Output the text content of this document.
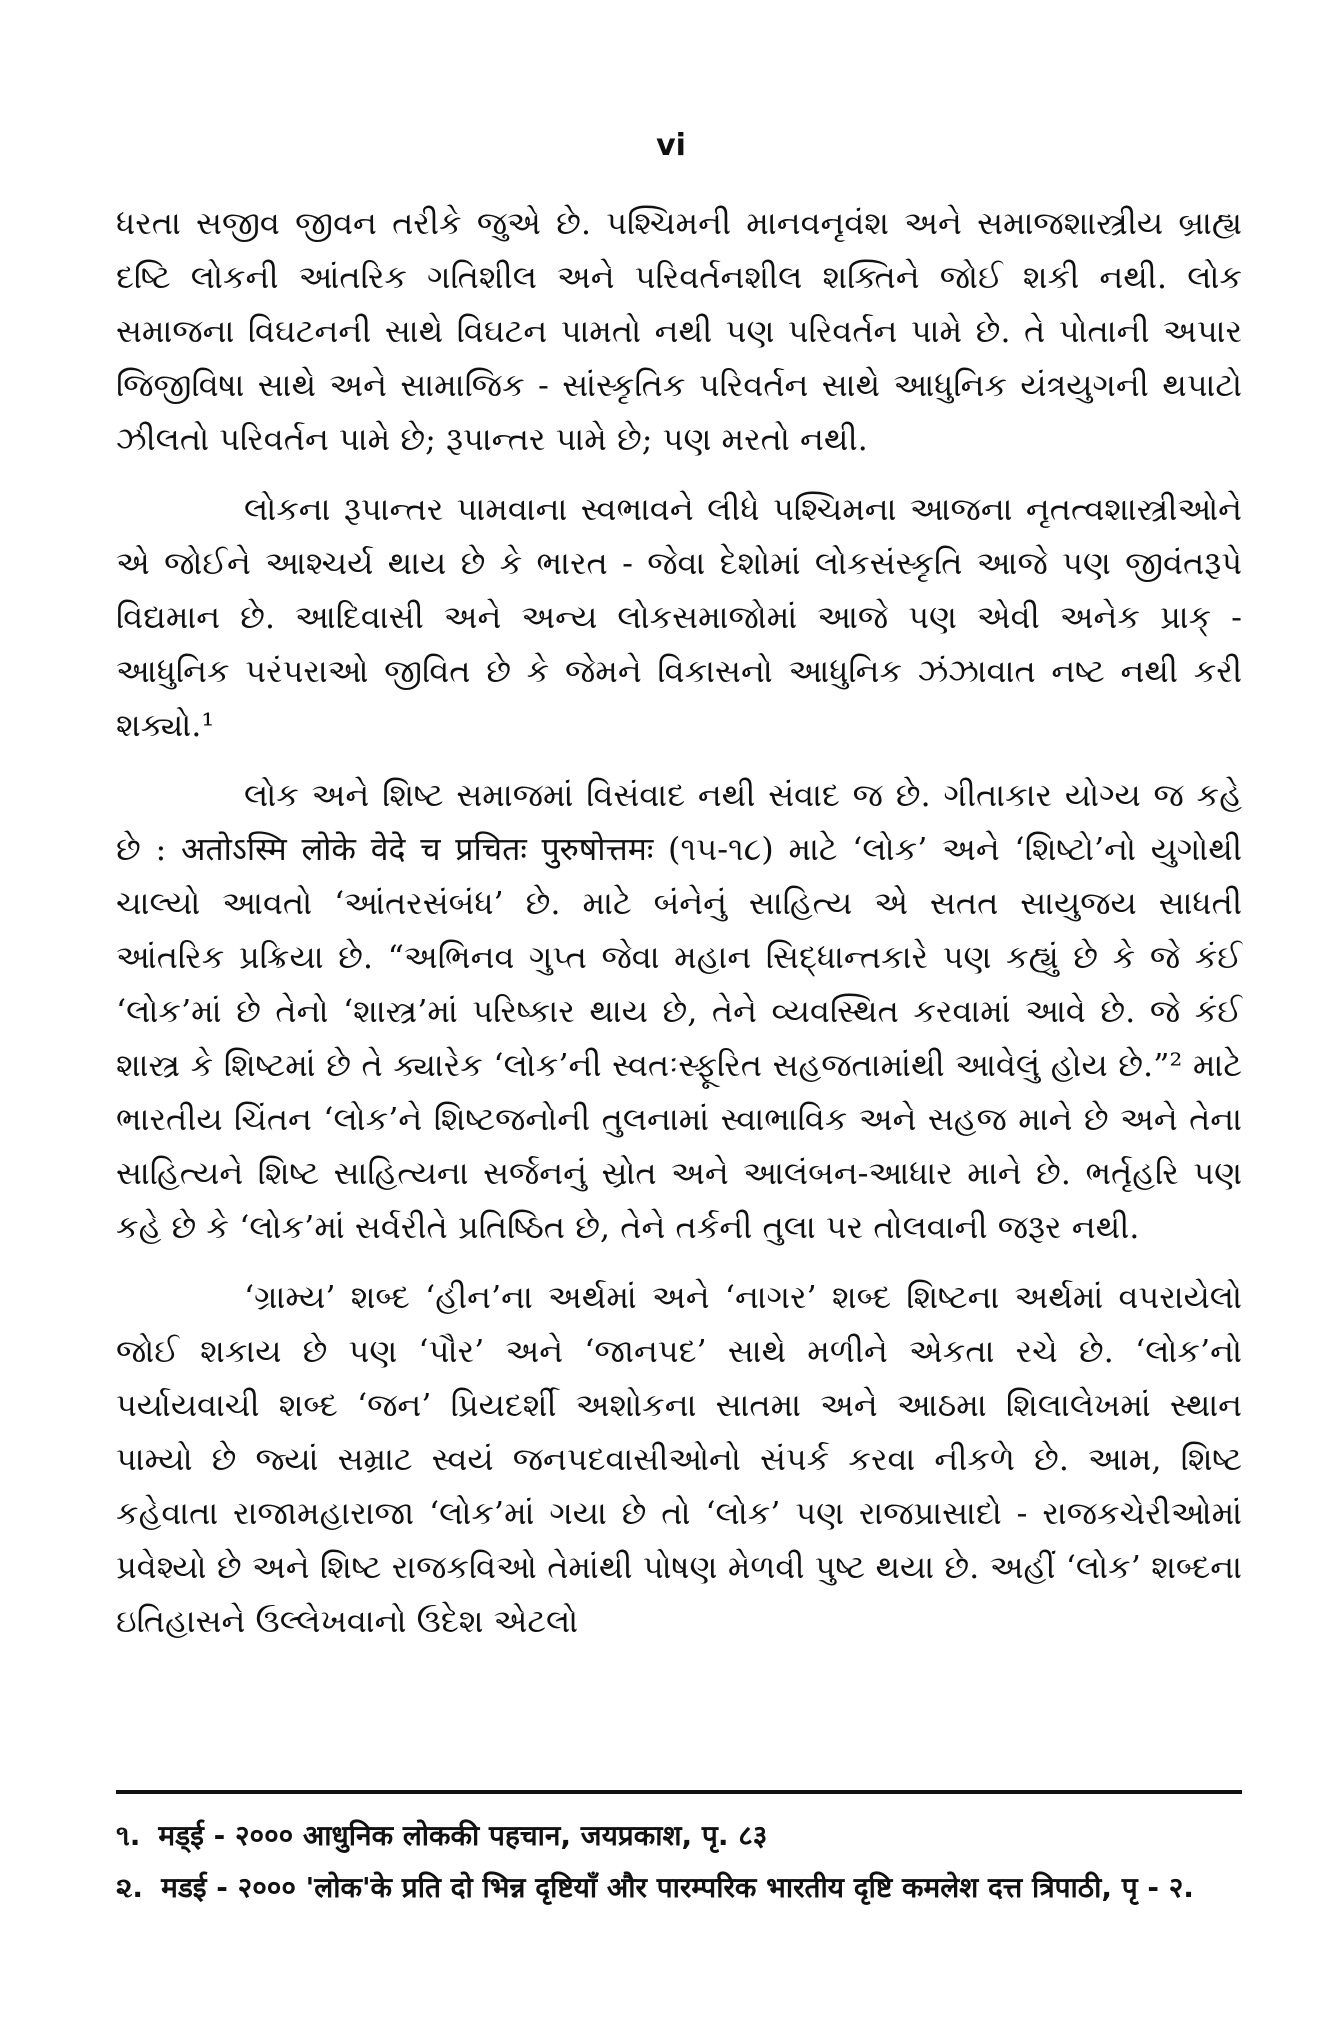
vi

ધરતા સજીવ જીવન તરીકે જુએ છે. પશ્ચિમની માનવનૃવંશ અને સમાજશાસ્ત્રીય બ્રાહ્ય દષ્ટિ લોકની આંતરિક ગતિશીલ અને પરિવર્તનશીલ શક્તિને જોઈ શકી નથી. લોક સમાજના વિઘટનની સાથે વિઘટન પામતો નથી પણ પરિવર્તન પામે છે. તે પોતાની અપાર જિજીવિષા સાથે અને સામાજિક - સાંસ્કૃતિક પરિવર્તન સાથે આધુનિક યંત્રયુગની થપાટો ઝીલતો પરિવર્તન પામે છે; રૂપાન્તર પામે છે; પણ મરતો નથી.

લોકના રૂપાન્તર પામવાના સ્વભાવને લીધે પશ્ચિમના આજના નૃતત્વશાસ્ત્રીઓને એ જોઈને આશ્ચર્ય થાય છે કે ભારત - જેવા દેશોમાં લોકસંસ્કૃતિ આજે પણ જીવંતરૂપે વિદ્યમાન છે. આદિવાસી અને અન્ય લોકસમાજોમાં આજે પણ એવી અનેક પ્રાક્ - આધુનિક પરંપરાઓ જીવિત છે કે જેમને વિકાસનો આધુનિક ઝંઝાવાત નષ્ટ નથી કરી શક્યો.¹

લોક અને શિષ્ટ સમાજમાં વિસંવાદ નથી સંવાદ જ છે. ગીતાકાર યોગ્ય જ કહે છે : अतोऽस्मि लोके वेदे च प्रचितः पुरुषोत्तमः (૧૫-૧૮) માટે ‘લોક’ અને ‘શિષ્ટો’નો યુગોથી ચાલ્યો આવતો ‘આંતરસંબંધ’ છે. માટે બંનેનું સાહિત્ય એ સતત સાયુજય સાધતી આંતરિક પ્રક્રિયા છે. “અભિનવ ગુપ્ત જેવા મહાન સિદ્ધાન્તકારે પણ કહ્યું છે કે જે કંઈ ‘લોક’માં છે તેનો ‘શાસ્ત્ર’માં પરિષ્કાર થાય છે, તેને વ્યવસ્થિત કરવામાં આવે છે. જે કંઈ શાસ્ત્ર કે શિષ્ટમાં છે તે ક્યારેક ‘લોક’ની સ્વતઃસ્ફૂરિત સહજતામાંથી આવેલું હોય છે.”² માટે ભારતીય ચિંતન ‘લોક’ને શિષ્ટજનોની તુલનામાં સ્વાભાવિક અને સહજ માને છે અને તેના સાહિત્યને શિષ્ટ સાહિત્યના સર્જનનું સ્રોત અને આલંબન-આધાર માને છે. ભર્તૃહરિ પણ કહે છે કે ‘લોક’માં સર્વરીતે પ્રતિષ્ઠિત છે, તેને તર્કની તુલા પર તોલવાની જરૂર નથી.

‘ગ્રામ્ય’ શબ્દ ‘હીન’ના અર્થમાં અને ‘નાગર’ શબ્દ શિષ્ટના અર્થમાં વપરાયેલો જોઈ શકાય છે પણ ‘પૌર’ અને ‘જાનપદ’ સાથે મળીને એકતા રચે છે. ‘લોક’નો પર્યાયવાચી શબ્દ ‘જન’ પ્રિયદર્શી અશોકના સાતમા અને આઠમા શિલાલેખમાં સ્થાન પામ્યો છે જ્યાં સમ્રાટ સ્વયં જનપદવાસીઓનો સંપર્ક કરવા નીકળે છે. આમ, શિષ્ટ કહેવાતા રાજામહારાજા ‘લોક’માં ગયા છે તો ‘લોક’ પણ રાજપ્રાસાદો - રાજકચેરીઓમાં પ્રવેશ્યો છે અને શિષ્ટ રાજકવિઓ તેમાંથી પોષણ મેળવી પુષ્ટ થયા છે. અહીં ‘લોક’ શબ્દના ઇતિહાસને ઉલ્લેખવાનો ઉદેશ એટલો

૧. मड्ई - २००० आधुनिक लोककी पहचान, जयप्रकाश, पृ. ८३
૨. मडई - २००० 'लोक'के प्रति दो भिन्न दृष्टियाँ और पारम्परिक भारतीय दृष्टि कमलेश दत्त त्रिपाठी, पृ - २.
